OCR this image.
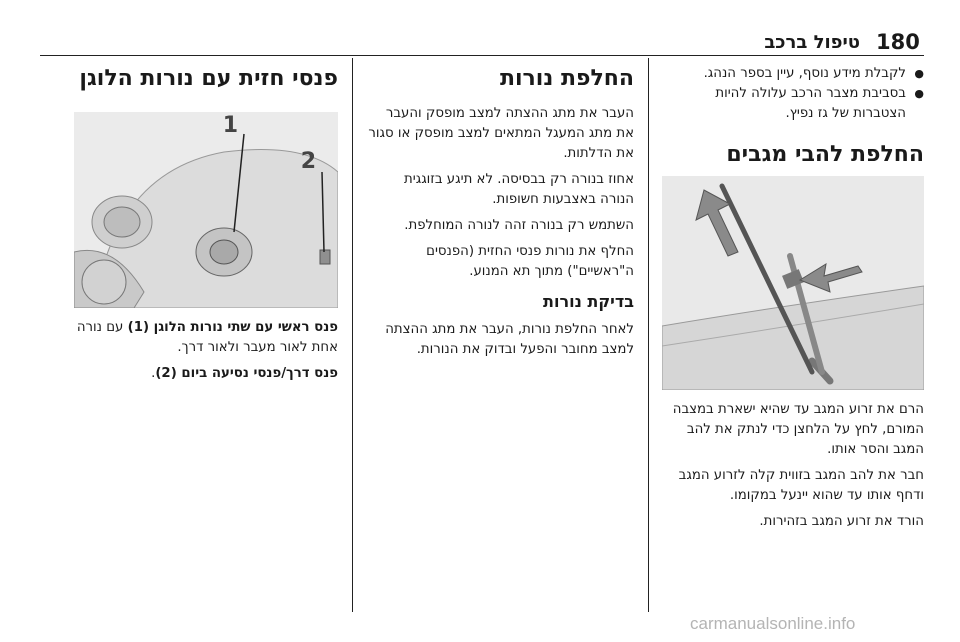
180
טיפול ברכב
● לקבלת מידע נוסף, עיין בספר הנהג.
● בסביבת מצבר הרכב עלולה להיות הצטברות של גז נפיץ.
החלפת להבי מגבים

הרם את זרוע המגב עד שהיא ישארת במצבה המורם, לחץ על הלחצן כדי לנתק את להב המגב והסר אותו.

חבר את להב המגב בזווית קלה לזרוע המגב ודחף אותו עד שהוא יינעל במקומו.

הורד את זרוע המגב בזהירות.

החלפת נורות

העבר את מתג ההצתה למצב מופסק והעבר את מתג המעגל המתאים למצב מופסק או סגור את הדלתות.

אחוז בנורה רק בבסיסה. לא תיגע בזוגגית הנורה באצבעות חשופות.

השתמש רק בנורה זהה לנורה המוחלפת.

החלף את נורות פנסי החזית (הפנסים ה"ראשיים") מתוך תא המנוע.

בדיקת נורות

לאחר החלפת נורות, העבר את מתג ההצתה למצב מחובר והפעל ובדוק את הנורות.

פנסי חזית עם נורות הלוגן
1
2

פנס ראשי עם שתי נורות הלוגן (1) עם נורה אחת לאור מעבר ולאור דרך.

פנס דרך/פנסי נסיעה ביום (2).

carmanualsonline.info
